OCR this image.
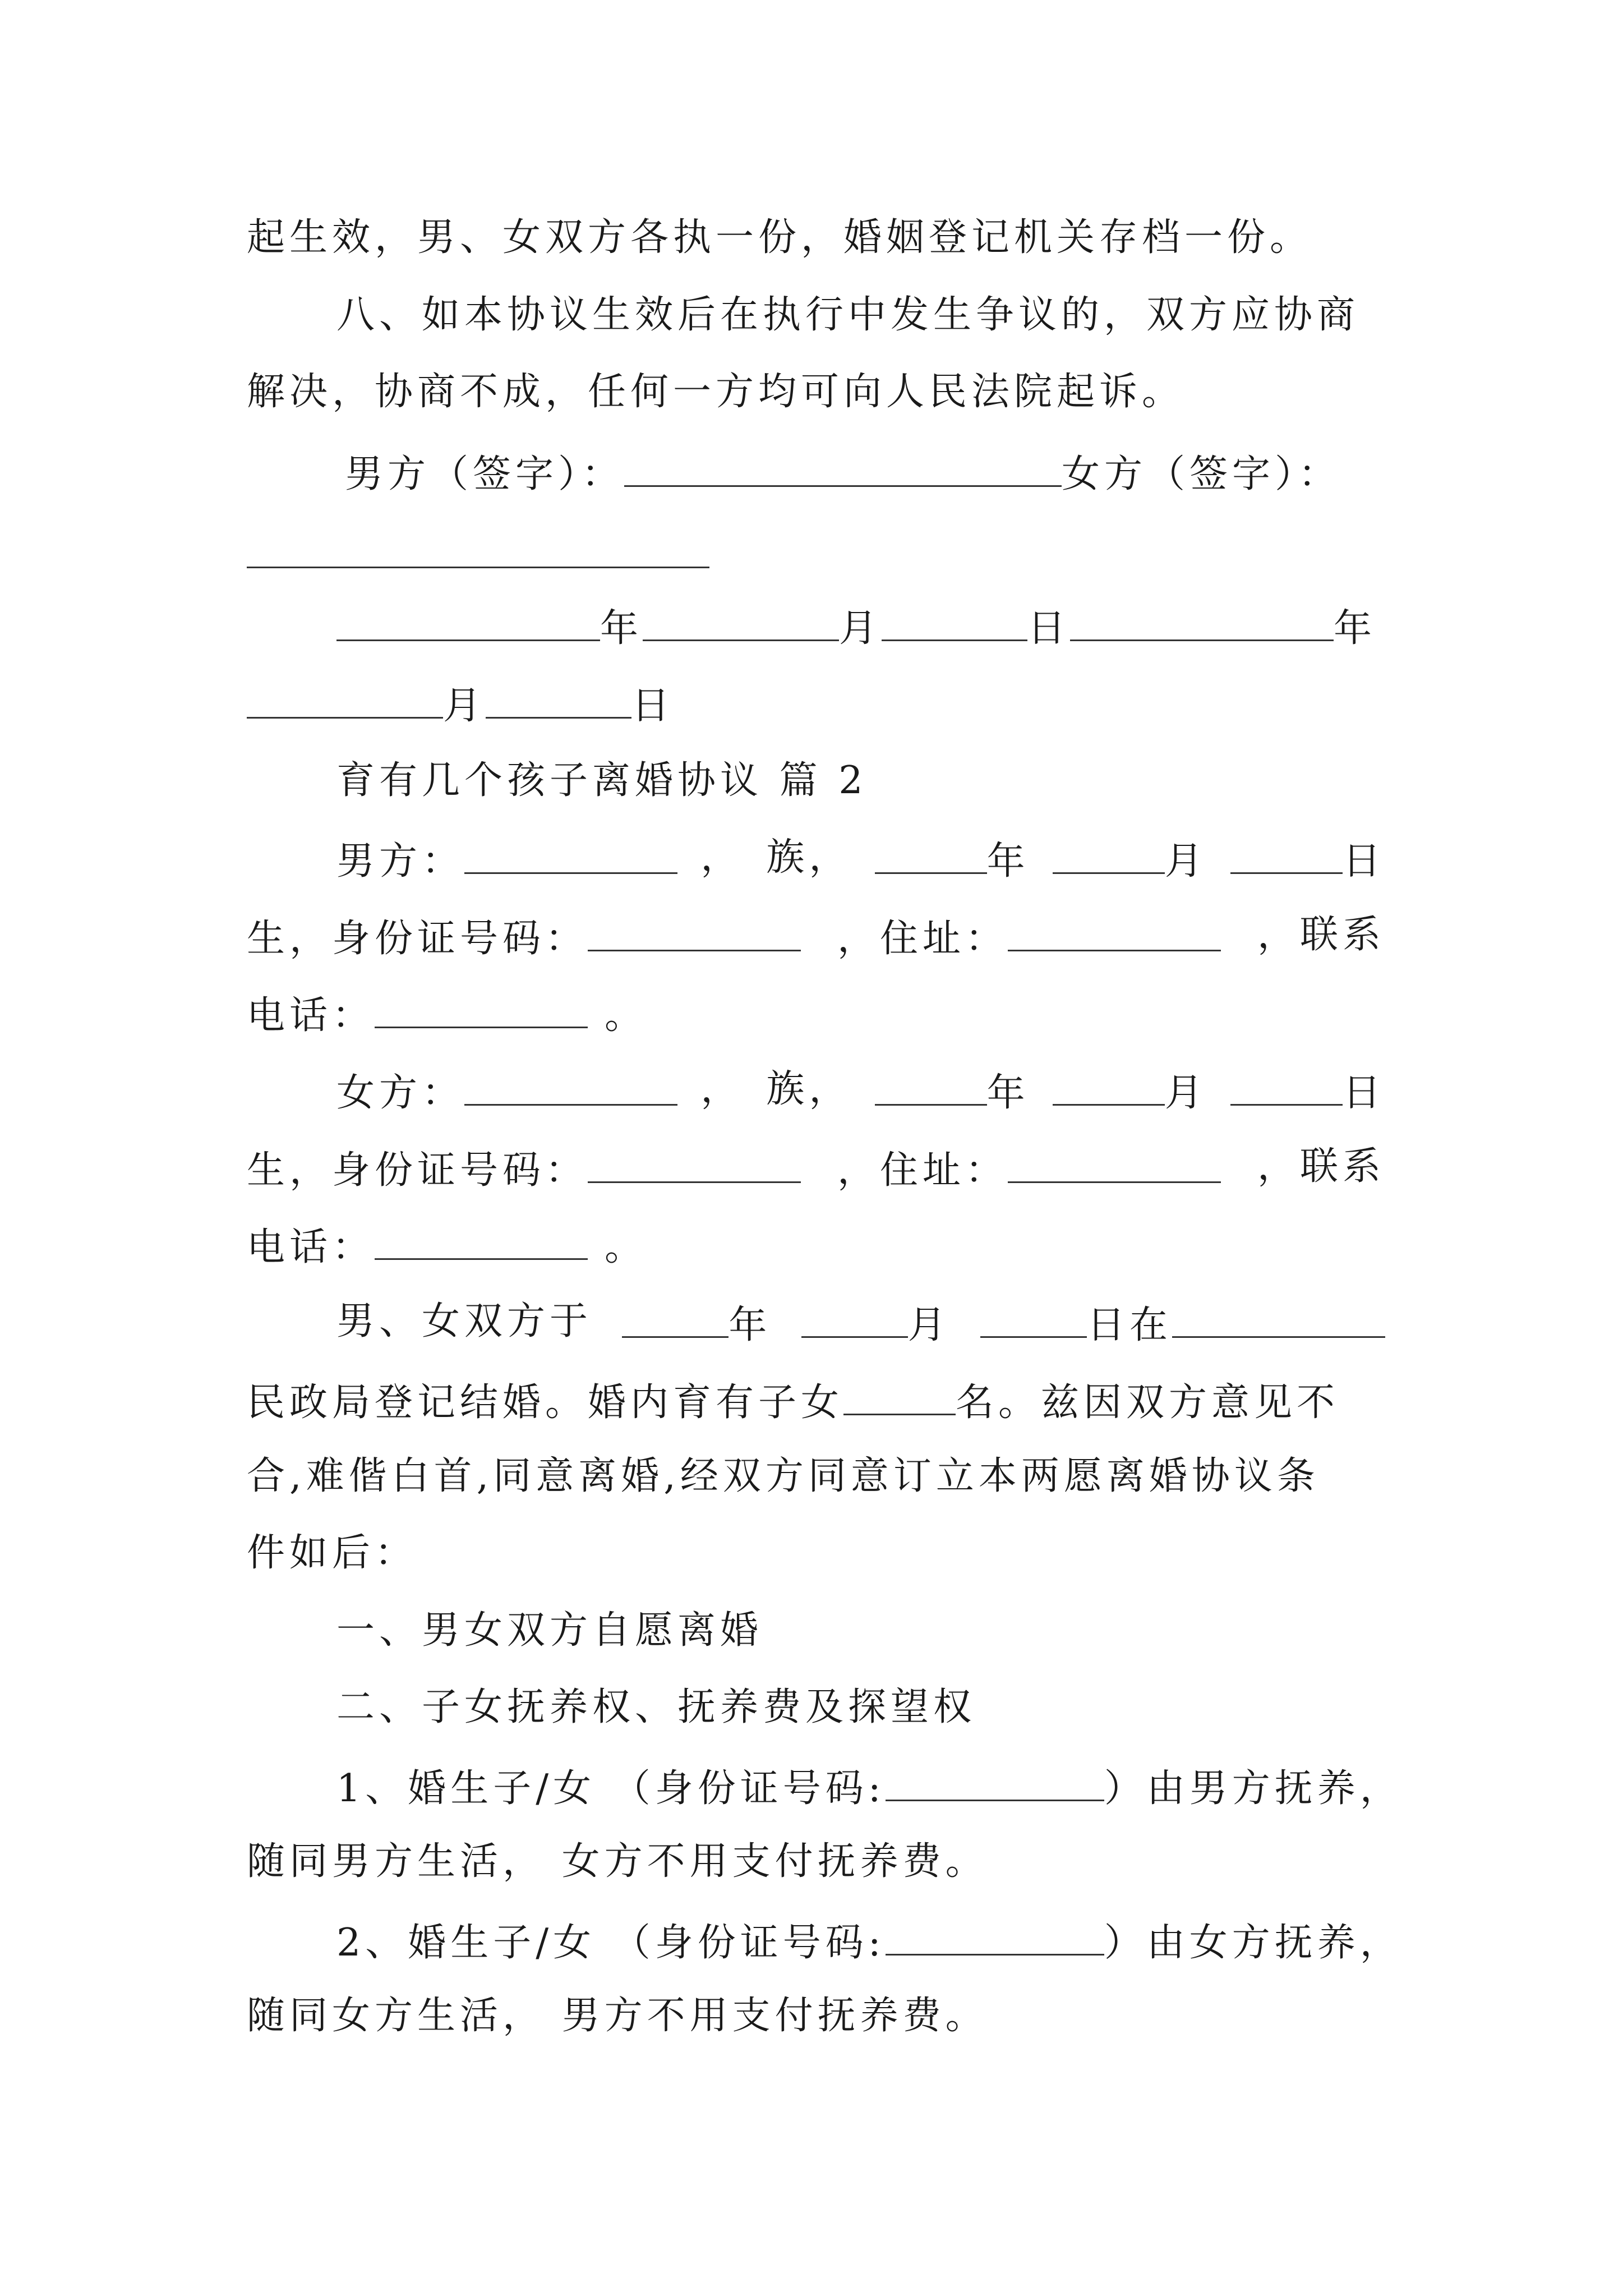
起生效，男、女双方各执一份，婚姻登记机关存档一份。
八、如本协议生效后在执行中发生争议的，双方应协商
解决，协商不成，任何一方均可向人民法院起诉。
男方（签字）：	女方（签字）：
年	月	日	年
月	日
育有几个孩子离婚协议 篇 2
男方：	， 族，	年	月	日
生，身份证号码：	，住址：	，联系
电话：	。
女方：	， 族，	年	月	日
生，身份证号码：	，住址：	，联系
电话：	。
男、女双方于	年	月	日在
民政局登记结婚。婚内育有子女	名。兹因双方意见不
合,难偕白首,同意离婚,经双方同意订立本两愿离婚协议条
件如后：
一、男女双方自愿离婚
二、子女抚养权、抚养费及探望权
1、婚生子/女 （身份证号码:	）由男方抚养，
随同男方生活， 女方不用支付抚养费。
2、婚生子/女 （身份证号码:	）由女方抚养，
随同女方生活， 男方不用支付抚养费。
